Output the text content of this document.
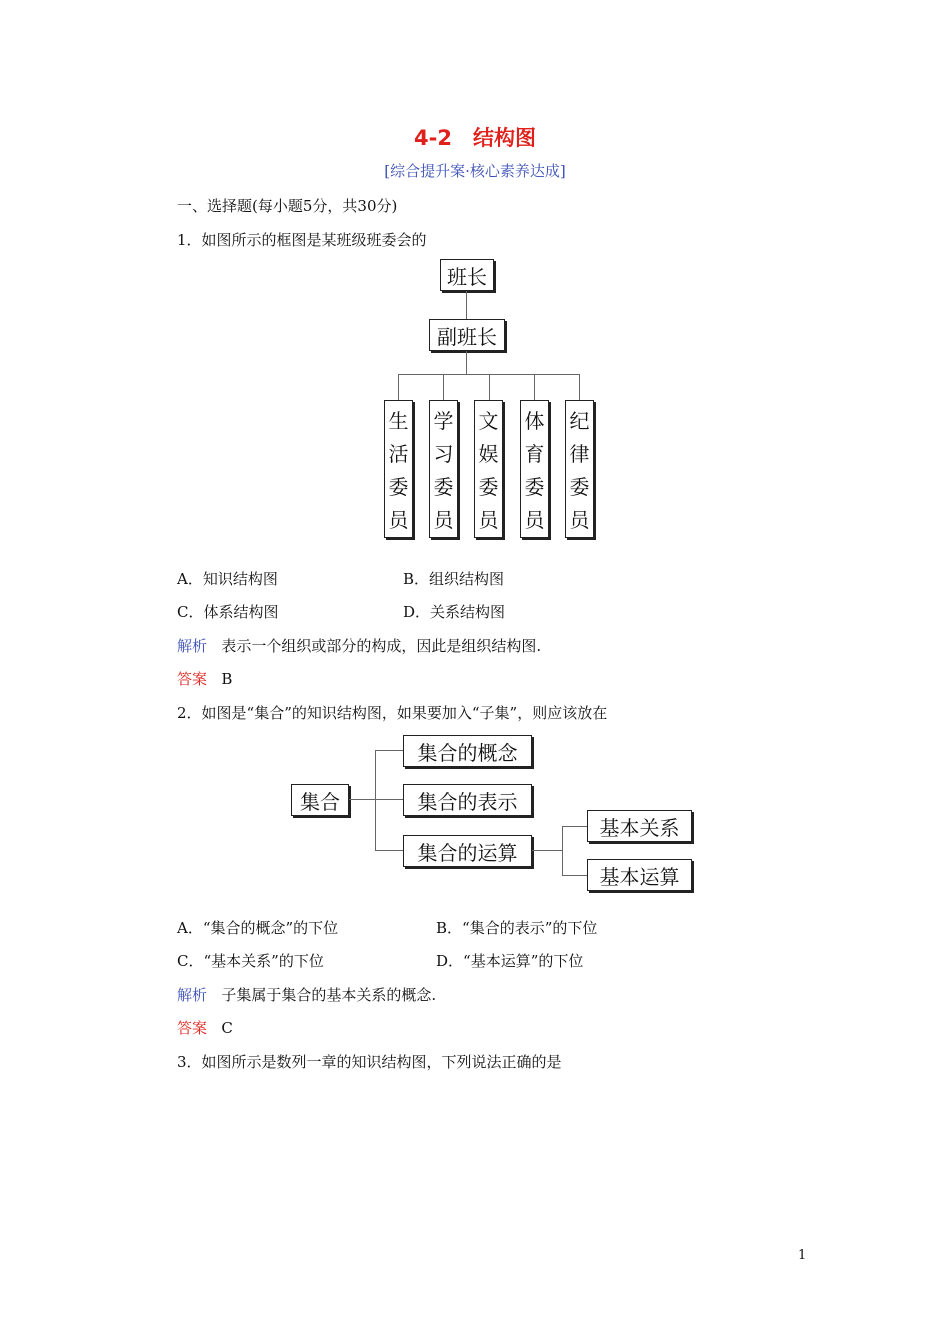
4-2　结构图
[综合提升案·核心素养达成]
一、选择题(每小题5分，共30分)
1．如图所示的框图是某班级班委会的
班长
副班长
生
活
委
员
学
习
委
员
文
娱
委
员
体
育
委
员
纪
律
委
员
A．知识结构图	B．组织结构图
C．体系结构图	D．关系结构图
解析 表示一个组织或部分的构成，因此是组织结构图.
答案 B
2．如图是“集合”的知识结构图，如果要加入“子集”，则应该放在
集合
集合的概念
集合的表示
集合的运算
基本关系
基本运算
A．“集合的概念”的下位	B．“集合的表示”的下位
C．“基本关系”的下位	D．“基本运算”的下位
解析 子集属于集合的基本关系的概念.
答案 C
3．如图所示是数列一章的知识结构图，下列说法正确的是
1
